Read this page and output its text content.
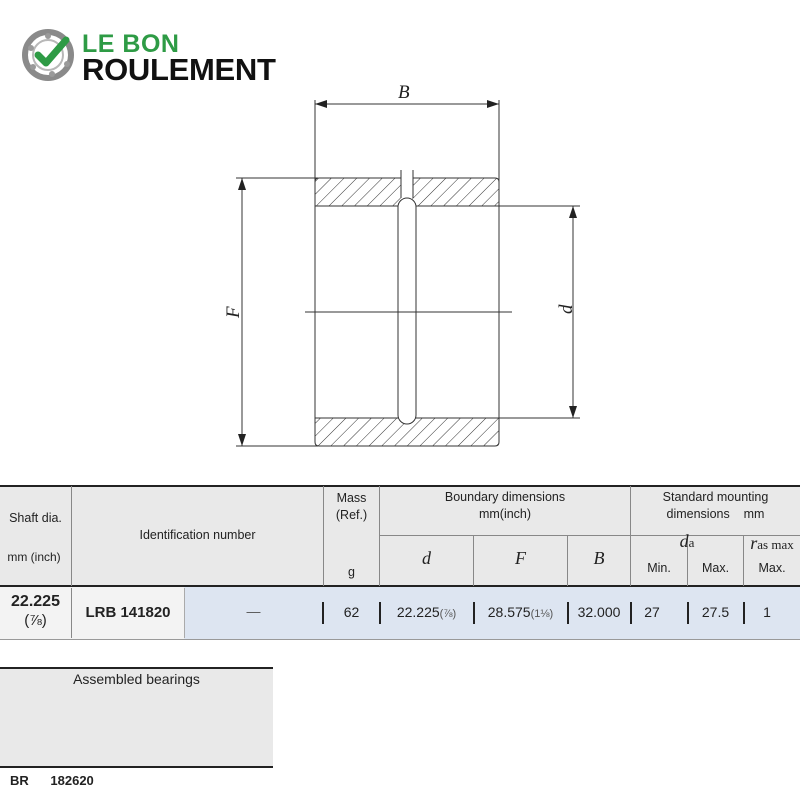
LE BON
ROULEMENT
B
F	d
Shaft dia.
mm (inch)
Identification number
Mass (Ref.)
g
Boundary dimensions
mm(inch)
d	F	B
Standard mounting
dimensions    mm
da	ras max
Min.	Max.	Max.
22.225
(⅞)	LRB 141820	—	62	22.225(⅞)	28.575(1⅛)	32.000	27	27.5	1
Assembled bearings
BR 182620
